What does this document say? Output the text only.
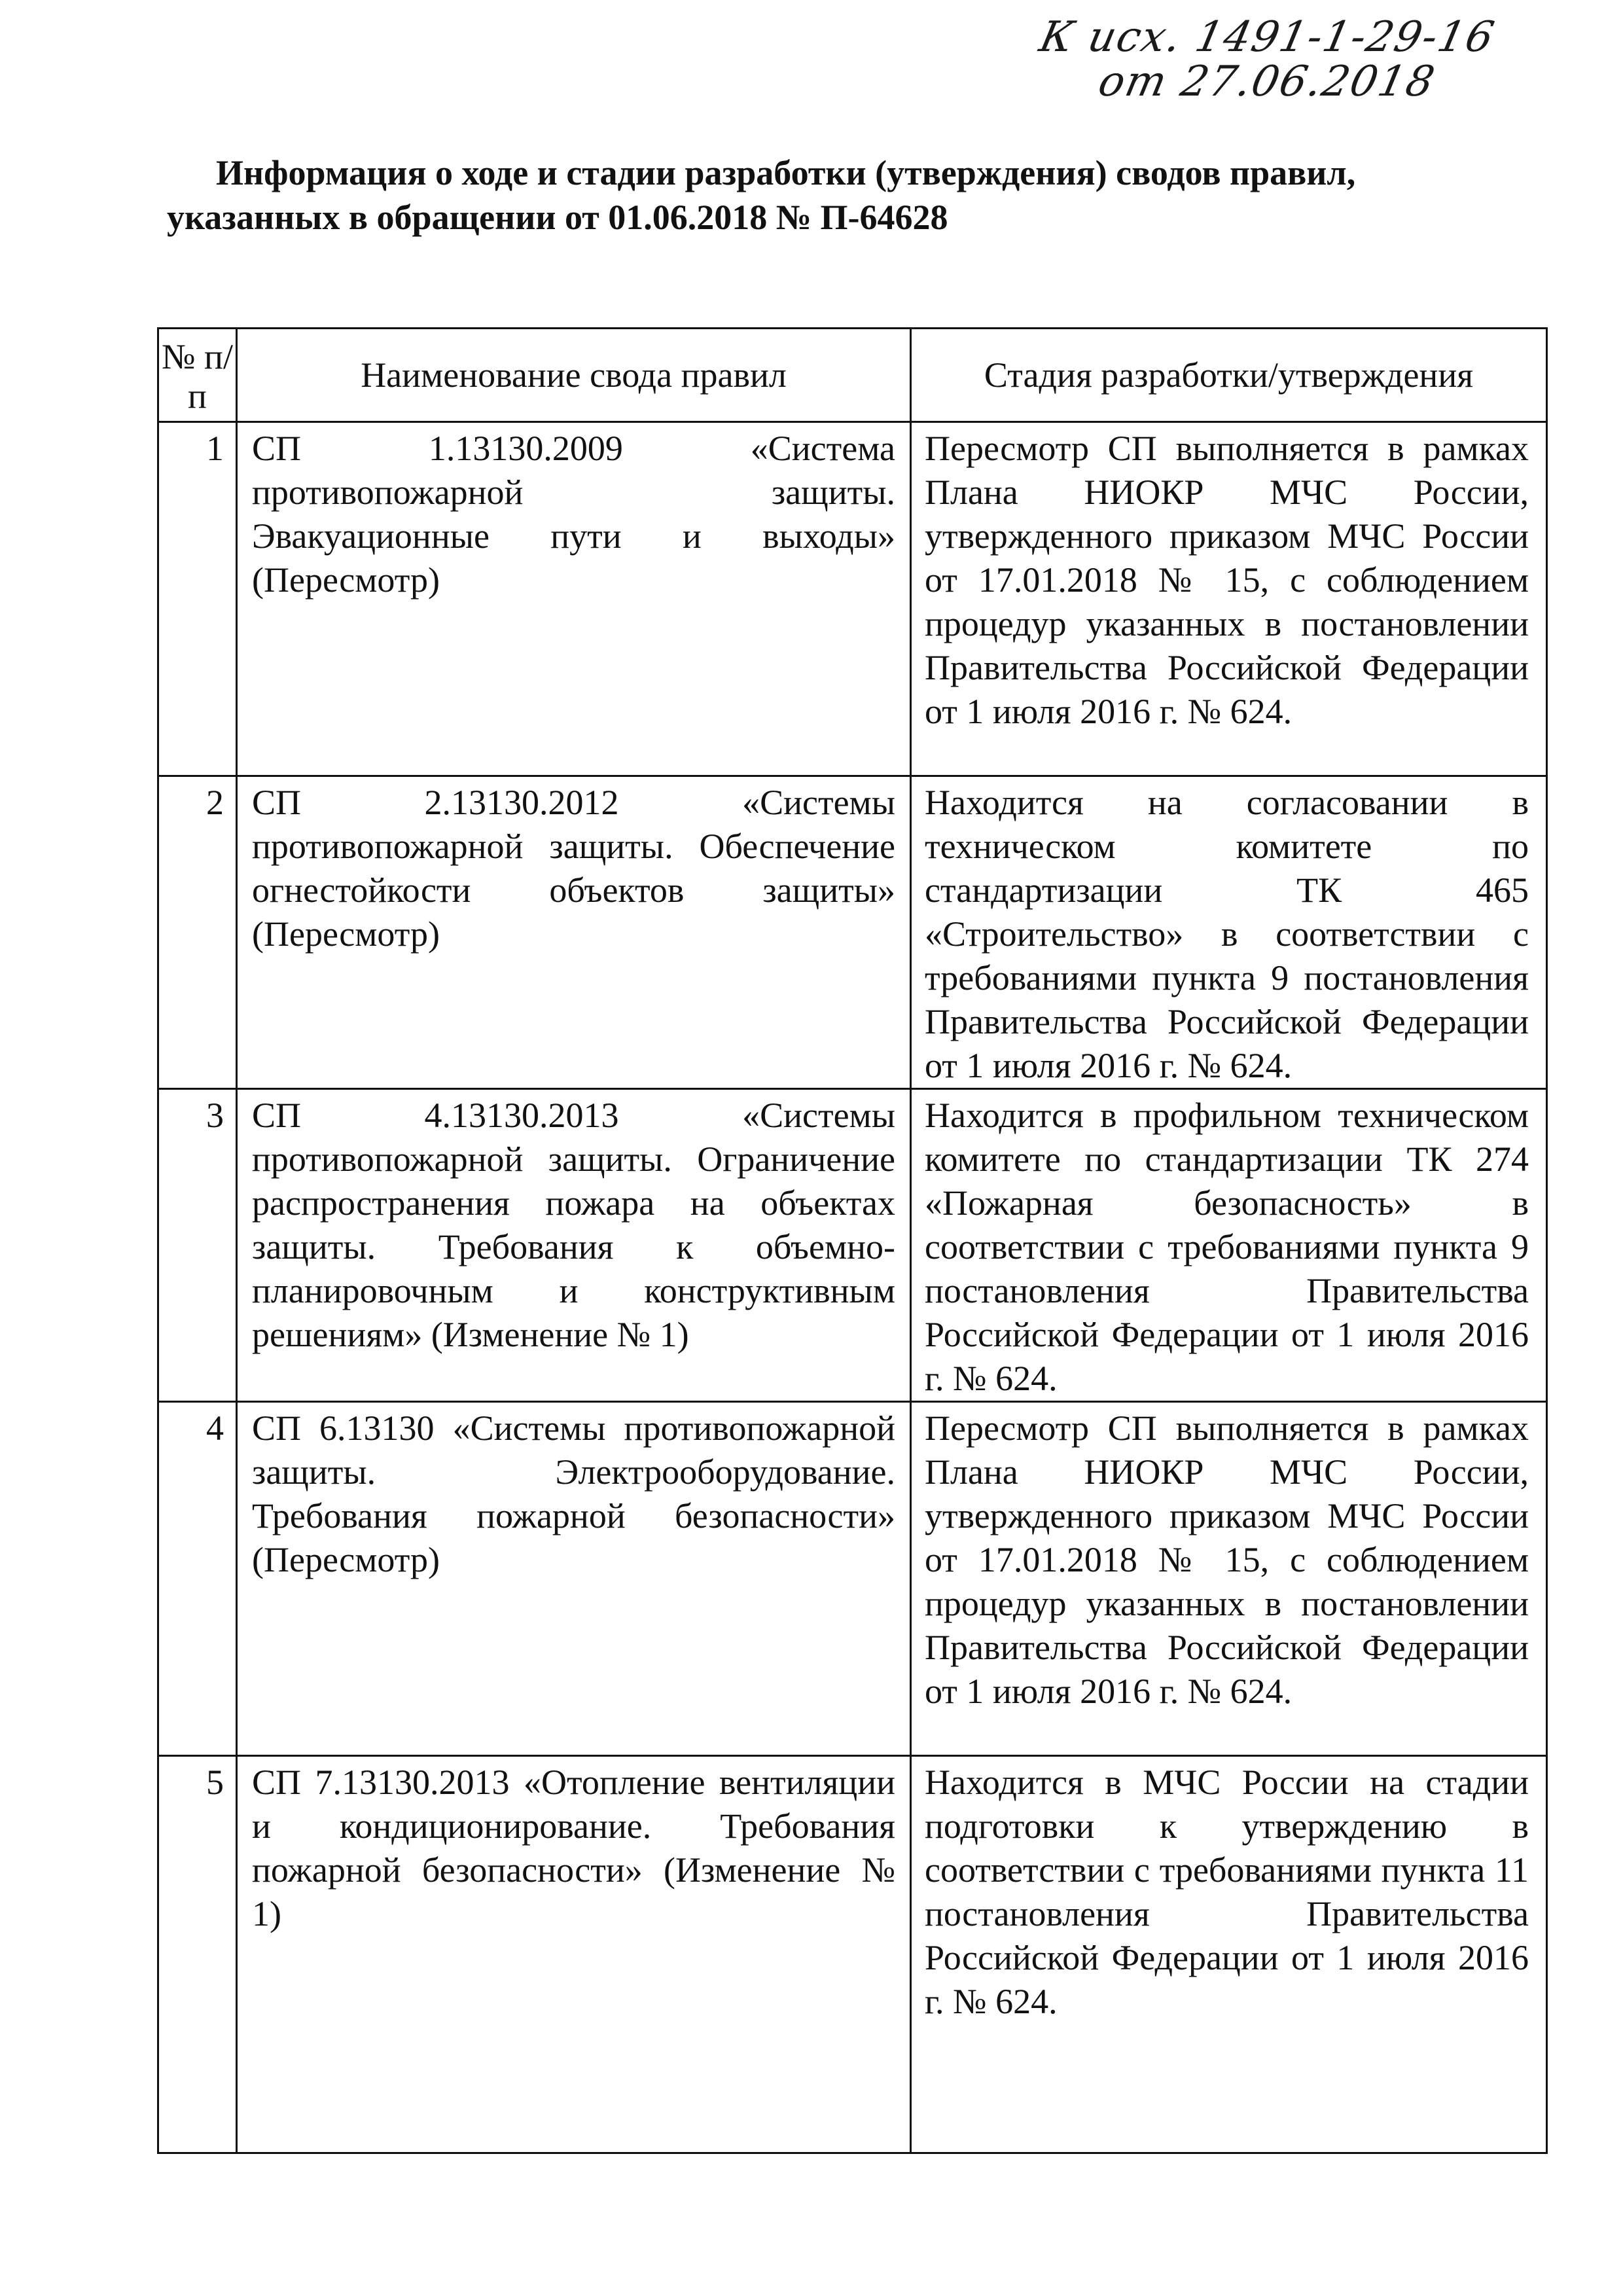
К исх. 1491-1-29-16
от 27.06.2018
Информация о ходе и стадии разработки (утверждения) сводов правил,
указанных в обращении от 01.06.2018 № П-64628
№ п/п	Наименование свода правил	Стадия разработки/утверждения
1	СП 1.13130.2009 «Система противопожарной защиты. Эвакуационные пути и выходы» (Пересмотр)	Пересмотр СП выполняется в рамках Плана НИОКР МЧС России, утвержденного приказом МЧС России от 17.01.2018 № 15, с соблюдением процедур указанных в постановлении Правительства Российской Федерации от 1 июля 2016 г. № 624.
2	СП 2.13130.2012 «Системы противопожарной защиты. Обеспечение огнестойкости объектов защиты» (Пересмотр)	Находится на согласовании в техническом комитете по стандартизации ТК 465 «Строительство» в соответствии с требованиями пункта 9 постановления Правительства Российской Федерации от 1 июля 2016 г. № 624.
3	СП 4.13130.2013 «Системы противопожарной защиты. Ограничение распространения пожара на объектах защиты. Требования к объемно-планировочным и конструктивным решениям» (Изменение № 1)	Находится в профильном техническом комитете по стандартизации ТК 274 «Пожарная безопасность» в соответствии с требованиями пункта 9 постановления Правительства Российской Федерации от 1 июля 2016 г. № 624.
4	СП 6.13130 «Системы противопожарной защиты. Электрооборудование. Требования пожарной безопасности» (Пересмотр)	Пересмотр СП выполняется в рамках Плана НИОКР МЧС России, утвержденного приказом МЧС России от 17.01.2018 № 15, с соблюдением процедур указанных в постановлении Правительства Российской Федерации от 1 июля 2016 г. № 624.
5	СП 7.13130.2013 «Отопление вентиляции и кондиционирование. Требования пожарной безопасности» (Изменение № 1)	Находится в МЧС России на стадии подготовки к утверждению в соответствии с требованиями пункта 11 постановления Правительства Российской Федерации от 1 июля 2016 г. № 624.
